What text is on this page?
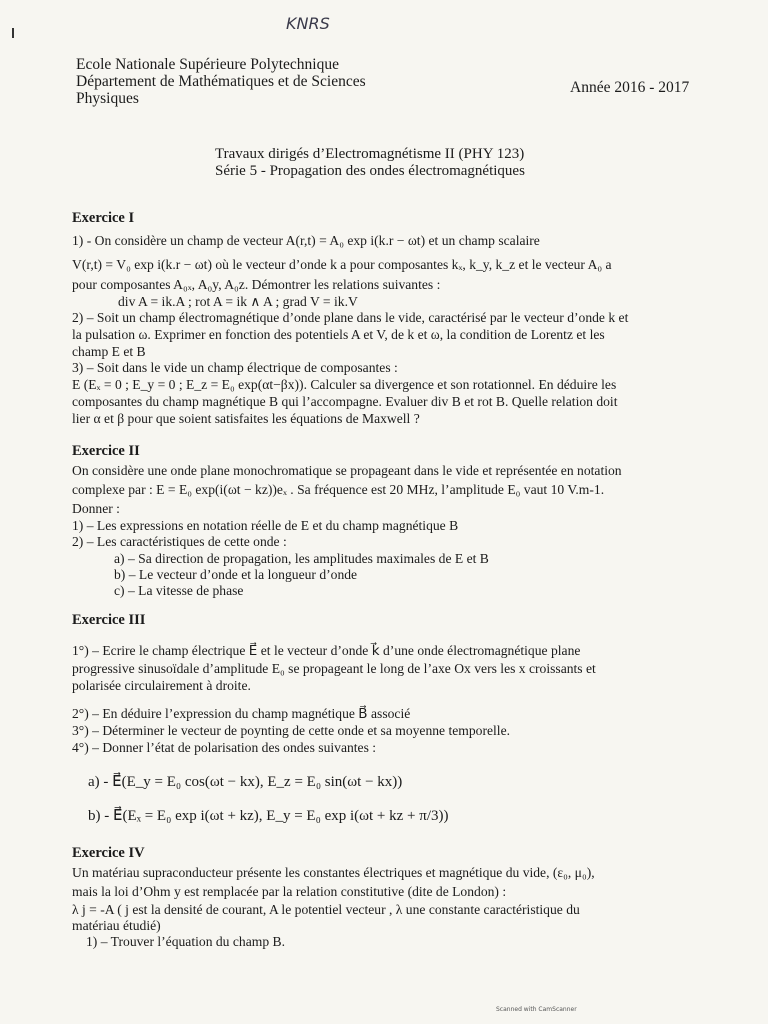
KNRS
Ecole Nationale Supérieure Polytechnique
Département de Mathématiques et de Sciences
Physiques
Année 2016 - 2017
Travaux dirigés d’Electromagnétisme II (PHY 123)
Série 5 - Propagation des ondes électromagnétiques
Exercice I
1) - On considère un champ de vecteur A(r,t) = A₀ exp i(k.r − ωt) et un champ scalaire
V(r,t) = V₀ exp i(k.r − ωt) où le vecteur d’onde k a pour composantes kₓ, k_y, k_z et le vecteur A₀ a
pour composantes A₀ₓ, A₀y, A₀z. Démontrer les relations suivantes :
div A = ik.A ; rot A = ik ∧ A ; grad V = ik.V
2) – Soit un champ électromagnétique d’onde plane dans le vide, caractérisé par le vecteur d’onde k et
la pulsation ω. Exprimer en fonction des potentiels A et V, de k et ω, la condition de Lorentz et les
champ E et B
3) – Soit dans le vide un champ électrique de composantes :
E (Eₓ = 0 ; E_y = 0 ; E_z = E₀ exp(αt−βx)). Calculer sa divergence et son rotationnel. En déduire les
composantes du champ magnétique B qui l’accompagne. Evaluer div B et rot B. Quelle relation doit
lier α et β pour que soient satisfaites les équations de Maxwell ?
Exercice II
On considère une onde plane monochromatique se propageant dans le vide et représentée en notation
complexe par : E = E₀ exp(i(ωt − kz))eₓ . Sa fréquence est 20 MHz, l’amplitude E₀ vaut 10 V.m-1.
Donner :
1) – Les expressions en notation réelle de E et du champ magnétique B
2) – Les caractéristiques de cette onde :
a) – Sa direction de propagation, les amplitudes maximales de E et B
b) – Le vecteur d’onde et la longueur d’onde
c) – La vitesse de phase
Exercice III
1°) – Ecrire le champ électrique E⃗ et le vecteur d’onde k⃗ d’une onde électromagnétique plane
progressive sinusoïdale d’amplitude E₀ se propageant le long de l’axe Ox vers les x croissants et
polarisée circulairement à droite.
2°) – En déduire l’expression du champ magnétique B⃗ associé
3°) – Déterminer le vecteur de poynting de cette onde et sa moyenne temporelle.
4°) – Donner l’état de polarisation des ondes suivantes :
a) - E⃗(E_y = E₀ cos(ωt − kx), E_z = E₀ sin(ωt − kx))
b) - E⃗(Eₓ = E₀ exp i(ωt + kz), E_y = E₀ exp i(ωt + kz + π/3))
Exercice IV
Un matériau supraconducteur présente les constantes électriques et magnétique du vide, (ε₀, μ₀),
mais la loi d’Ohm y est remplacée par la relation constitutive (dite de London) :
λ j = -A ( j est la densité de courant, A le potentiel vecteur , λ une constante caractéristique du
matériau étudié)
1) – Trouver l’équation du champ B.
Scanned with CamScanner
